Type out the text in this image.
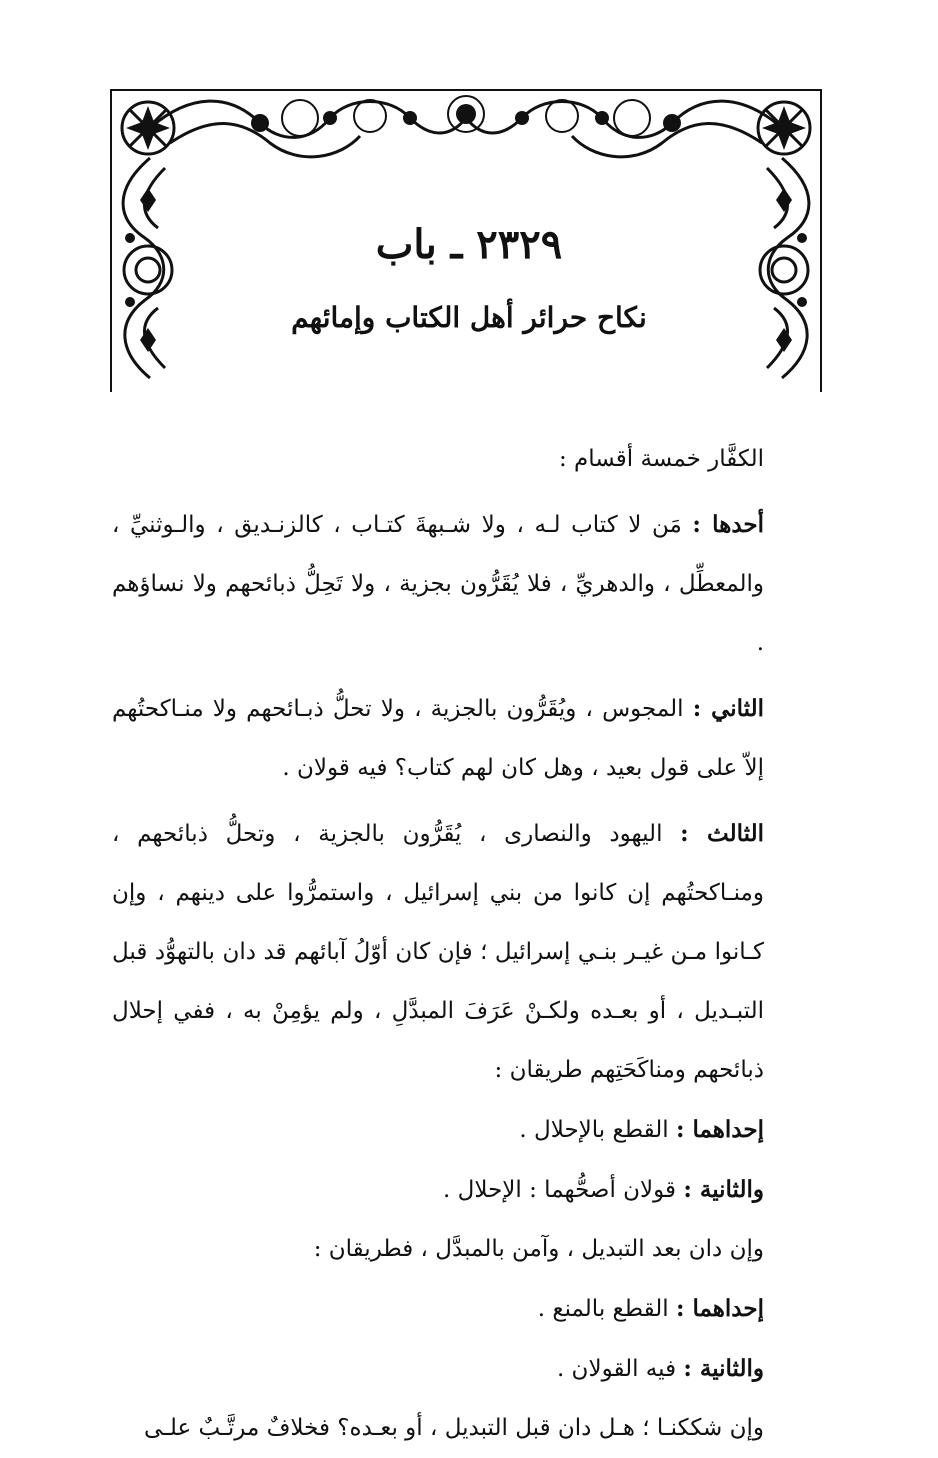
٢٣٢٩ ـ باب
نكاح حرائر أهل الكتاب وإمائهم

الكفَّار خمسة أقسام :

أحدها : مَن لا كتاب لـه ، ولا شـبهةَ كتـاب ، كالزنـديق ، والـوثنيِّ ، والمعطِّل ، والدهريِّ ، فلا يُقَرُّون بجزية ، ولا تَحِلُّ ذبائحهم ولا نساؤهم .

الثاني : المجوس ، ويُقَرُّون بالجزية ، ولا تحلُّ ذبـائحهم ولا منـاكحتُهم إلاّ على قول بعيد ، وهل كان لهم كتاب؟ فيه قولان .

الثالث : اليهود والنصارى ، يُقَرُّون بالجزية ، وتحلُّ ذبائحهم ، ومنـاكحتُهم إن كانوا من بني إسرائيل ، واستمرُّوا على دينهم ، وإن كـانوا مـن غيـر بنـي إسرائيل ؛ فإن كان أوّلُ آبائهم قد دان بالتهوُّد قبل التبـديل ، أو بعـده ولكـنْ عَرَفَ المبدَّلِ ، ولم يؤمِنْ به ، ففي إحلال ذبائحهم ومناكَحَتِهم طريقان :

إحداهما : القطع بالإحلال .

والثانية : قولان أصحُّهما : الإحلال .

وإن دان بعد التبديل ، وآمن بالمبدَّل ، فطريقان :

إحداهما : القطع بالمنع .

والثانية : فيه القولان .

وإن شككنـا ؛ هـل دان قبل التبديل ، أو بعـده؟ فخلافٌ مرتَّـبٌ علـى
